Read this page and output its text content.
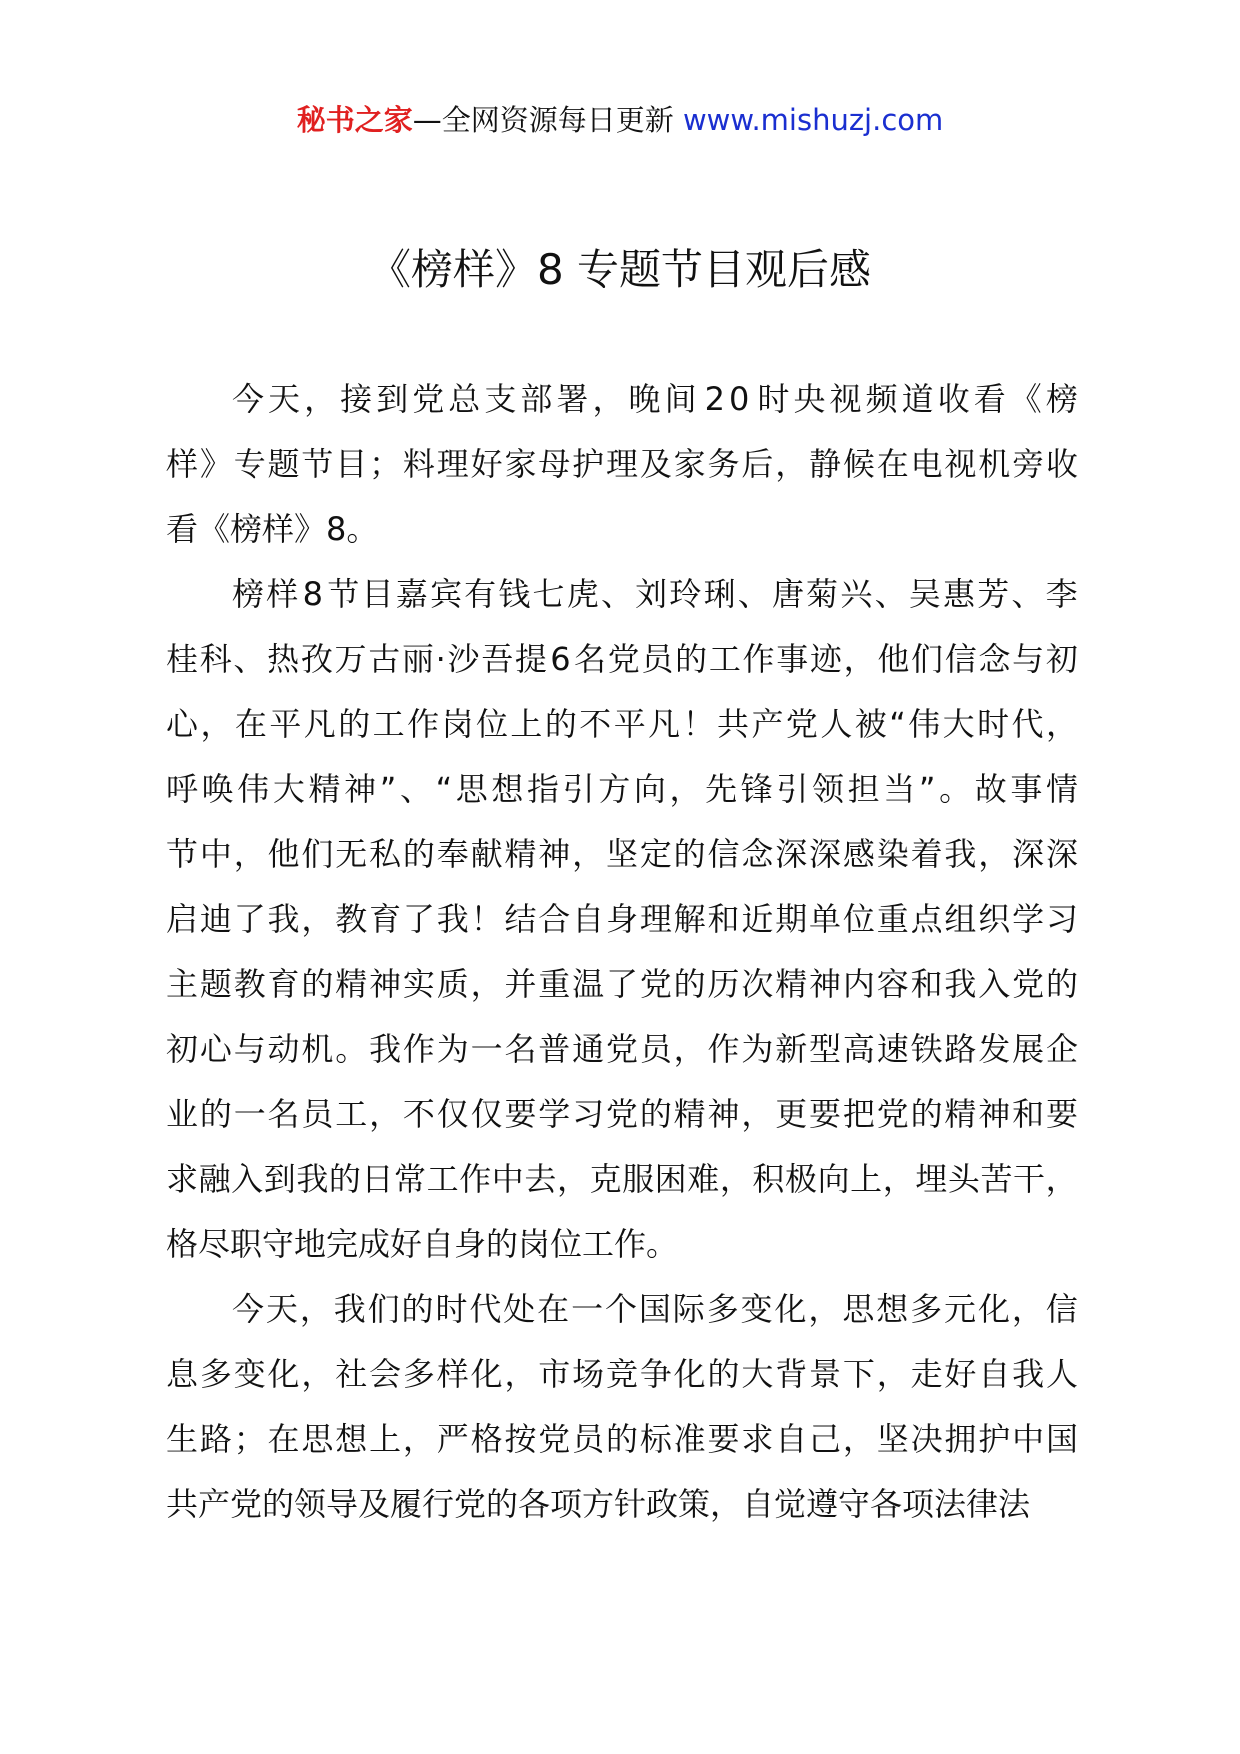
秘书之家—全网资源每日更新 www.mishuzj.com
《榜样》8 专题节目观后感
今 天 ， 接 到 党 总 支 部 署 ， 晚 间 2 0 时 央 视 频 道 收 看 《 榜
样 》 专 题 节 目 ； 料 理 好 家 母 护 理 及 家 务 后 ， 静 候 在 电 视 机 旁 收
看《榜样》8。
榜 样 8 节 目 嘉 宾 有 钱 七 虎 、 刘 玲 琍 、 唐 菊 兴 、 吴 惠 芳 、 李
桂 科 、 热 孜 万 古 丽 · 沙 吾 提 6 名 党 员 的 工 作 事 迹 ， 他 们 信 念 与 初
心 ， 在 平 凡 的 工 作 岗 位 上 的 不 平 凡 ！ 共 产 党 人 被 “ 伟 大 时 代 ，
呼 唤 伟 大 精 神 ” 、 “ 思 想 指 引 方 向 ， 先 锋 引 领 担 当 ” 。 故 事 情
节 中 ， 他 们 无 私 的 奉 献 精 神 ， 坚 定 的 信 念 深 深 感 染 着 我 ， 深 深
启 迪 了 我 ， 教 育 了 我 ！ 结 合 自 身 理 解 和 近 期 单 位 重 点 组 织 学 习
主 题 教 育 的 精 神 实 质 ， 并 重 温 了 党 的 历 次 精 神 内 容 和 我 入 党 的
初 心 与 动 机 。 我 作 为 一 名 普 通 党 员 ， 作 为 新 型 高 速 铁 路 发 展 企
业 的 一 名 员 工 ， 不 仅 仅 要 学 习 党 的 精 神 ， 更 要 把 党 的 精 神 和 要
求 融 入 到 我 的 日 常 工 作 中 去 ， 克 服 困 难 ， 积 极 向 上 ， 埋 头 苦 干 ，
格尽职守地完成好自身的岗位工作。
今 天 ， 我 们 的 时 代 处 在 一 个 国 际 多 变 化 ， 思 想 多 元 化 ， 信
息 多 变 化 ， 社 会 多 样 化 ， 市 场 竞 争 化 的 大 背 景 下 ， 走 好 自 我 人
生 路 ； 在 思 想 上 ， 严 格 按 党 员 的 标 准 要 求 自 己 ， 坚 决 拥 护 中 国
共产党的领导及履行党的各项方针政策，自觉遵守各项法律法
